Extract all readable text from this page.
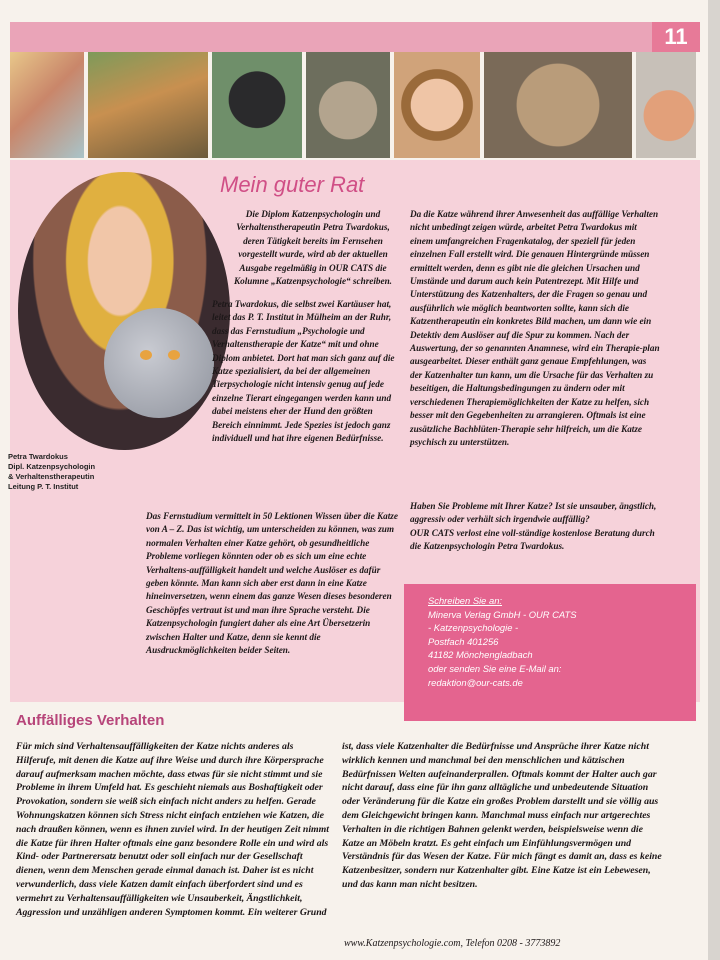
11
Petra Twardokus
Dipl. Katzenpsychologin
& Verhaltenstherapeutin
Leitung P. T. Institut
Mein guter Rat

Die Diplom Katzenpsychologin und Verhaltenstherapeutin Petra Twardokus, deren Tätigkeit bereits im Fernsehen vorgestellt wurde, wird ab der aktuellen Ausgabe regelmäßig in OUR CATS die Kolumne „Katzenpsychologie“ schreiben.

Petra Twardokus, die selbst zwei Kartäuser hat, leitet das P. T. Institut in Mülheim an der Ruhr, dass das Fernstudium „Psychologie und Verhaltenstherapie der Katze“ mit und ohne Diplom anbietet. Dort hat man sich ganz auf die Katze spezialisiert, da bei der allgemeinen Tierpsychologie nicht intensiv genug auf jede einzelne Tierart eingegangen werden kann und dabei meistens eher der Hund den größten Bereich einnimmt. Jede Spezies ist jedoch ganz individuell und hat ihre eigenen Bedürfnisse.

Das Fernstudium vermittelt in 50 Lektionen Wissen über die Katze von A – Z. Das ist wichtig, um unterscheiden zu können, was zum normalen Verhalten einer Katze gehört, ob gesundheitliche Probleme vorliegen könnten oder ob es sich um eine echte Verhaltens-auffälligkeit handelt und welche Auslöser es dafür geben könnte. Man kann sich aber erst dann in eine Katze hineinversetzen, wenn einem das ganze Wesen dieses besonderen Geschöpfes vertraut ist und man ihre Sprache versteht. Die Katzenpsychologin fungiert daher als eine Art Übersetzerin zwischen Halter und Katze, denn sie kennt die Ausdruckmöglichkeiten beider Seiten.

Da die Katze während ihrer Anwesenheit das auffällige Verhalten nicht unbedingt zeigen würde, arbeitet Petra Twardokus mit einem umfangreichen Fragenkatalog, der speziell für jeden einzelnen Fall erstellt wird. Die genauen Hintergründe müssen ermittelt werden, denn es gibt nie die gleichen Ursachen und Umstände und darum auch kein Patentrezept. Mit Hilfe und Unterstützung des Katzenhalters, der die Fragen so genau und ausführlich wie möglich beantworten sollte, kann sich die Katzentherapeutin ein konkretes Bild machen, um dann wie ein Detektiv dem Auslöser auf die Spur zu kommen. Nach der Auswertung, der so genannten Anamnese, wird ein Therapie-plan ausgearbeitet. Dieser enthält ganz genaue Empfehlungen, was der Katzenhalter tun kann, um die Ursache für das Verhalten zu beseitigen, die Haltungsbedingungen zu ändern oder mit verschiedenen Therapiemöglichkeiten der Katze zu helfen, sich besser mit den Gegebenheiten zu arrangieren. Oftmals ist eine zusätzliche Bachblüten-Therapie sehr hilfreich, um die Katze psychisch zu unterstützen.

Haben Sie Probleme mit Ihrer Katze? Ist sie unsauber, ängstlich, aggressiv oder verhält sich irgendwie auffällig?

OUR CATS verlost eine voll-ständige kostenlose Beratung durch die Katzenpsychologin Petra Twardokus.

Schreiben Sie an:
Minerva Verlag GmbH - OUR CATS
- Katzenpsychologie -
Postfach 401256
41182 Mönchengladbach
oder senden Sie eine E-Mail an:
redaktion@our-cats.de
Auffälliges Verhalten
Für mich sind Verhaltensauffälligkeiten der Katze nichts anderes als Hilferufe, mit denen die Katze auf ihre Weise und durch ihre Körpersprache darauf aufmerksam machen möchte, dass etwas für sie nicht stimmt und sie Probleme in ihrem Umfeld hat. Es geschieht niemals aus Boshaftigkeit oder Provokation, sondern sie weiß sich einfach nicht anders zu helfen. Gerade Wohnungskatzen können sich Stress nicht einfach entziehen wie Katzen, die nach draußen können, wenn es ihnen zuviel wird. In der heutigen Zeit nimmt die Katze für ihren Halter oftmals eine ganz besondere Rolle ein und wird als Kind- oder Partnerersatz benutzt oder soll einfach nur der Gesellschaft dienen, wenn dem Menschen gerade einmal danach ist. Daher ist es nicht verwunderlich, dass viele Katzen damit einfach überfordert sind und es vermehrt zu Verhaltensauffälligkeiten wie Unsauberkeit, Ängstlichkeit, Aggression und unzähligen anderen Symptomen kommt. Ein weiterer Grund
ist, dass viele Katzenhalter die Bedürfnisse und Ansprüche ihrer Katze nicht wirklich kennen und manchmal bei den menschlichen und kätzischen Bedürfnissen Welten aufeinanderprallen. Oftmals kommt der Halter auch gar nicht darauf, dass eine für ihn ganz alltägliche und unbedeutende Situation oder Veränderung für die Katze ein großes Problem darstellt und sie völlig aus dem Gleichgewicht bringen kann. Manchmal muss einfach nur artgerechtes Verhalten in die richtigen Bahnen gelenkt werden, beispielsweise wenn die Katze an Möbeln kratzt. Es geht einfach um Einfühlungsvermögen und Verständnis für das Wesen der Katze. Für mich fängt es damit an, dass es keine Katzenbesitzer, sondern nur Katzenhalter gibt. Eine Katze ist ein Lebewesen, und das kann man nicht besitzen.
www.Katzenpsychologie.com, Telefon 0208 - 3773892
